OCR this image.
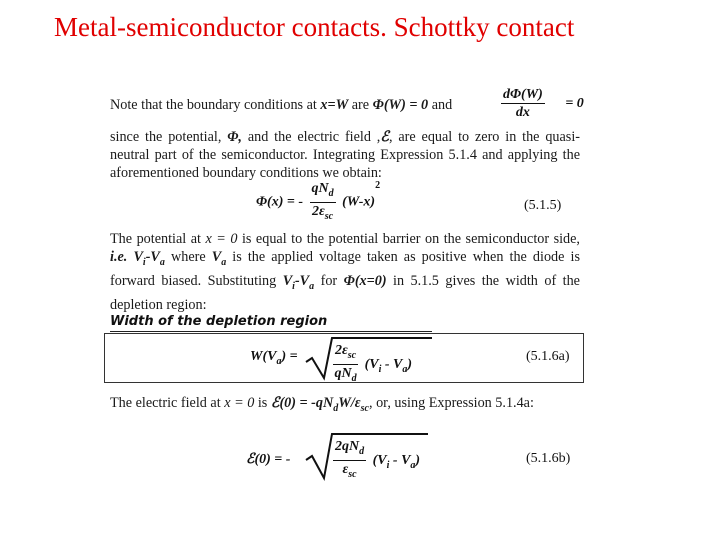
Metal-semiconductor contacts. Schottky contact
Note that the boundary conditions at x=W are Φ(W) = 0 and	$\frac{d\Phi(W)}{dx} = 0$
since the potential, Φ, and the electric field ,ℰ, are equal to zero in the quasi-neutral part of the semiconductor. Integrating Expression 5.1.4 and applying the aforementioned boundary conditions we obtain:
Φ(x) = - $\frac{qN_d}{2\varepsilon_{sc}} (W-x)^2$
(5.1.5)
The potential at x = 0 is equal to the potential barrier on the semiconductor side, i.e. $V_i-V_a$ where $V_a$ is the applied voltage taken as positive when the diode is forward biased. Substituting $V_i-V_a$ for Φ(x=0) in 5.1.5 gives the width of the depletion region:
Width of the depletion region
$W(V_a)$ =	$\frac{2\varepsilon_{sc}}{qN_d} (V_i - V_a)$
(5.1.6a)
The electric field at x = 0 is ℰ(0) = $-qN_dW/\varepsilon_{sc}$, or, using Expression 5.1.4a:
ℰ(0) = -	$\frac{2qN_d}{\varepsilon_{sc}} (V_i - V_a)$	(5.1.6b)
